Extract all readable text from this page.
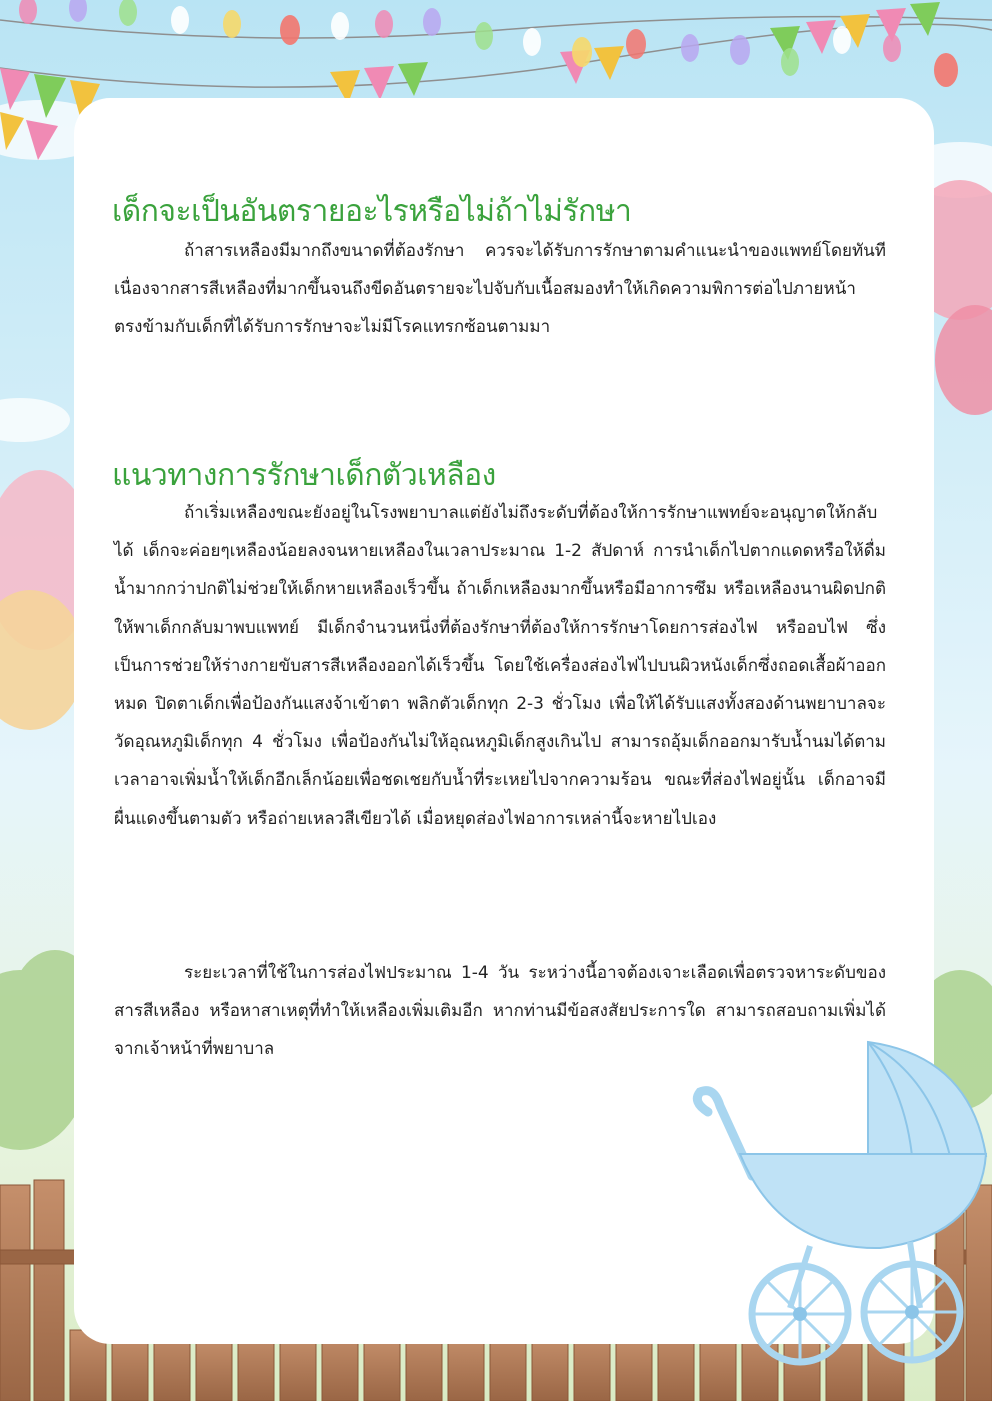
เด็กจะเป็นอันตรายอะไรหรือไม่ถ้าไม่รักษา

ถ้าสารเหลืองมีมากถึงขนาดที่ต้องรักษา ควรจะได้รับการรักษาตามคำแนะนำของแพทย์โดยทันที เนื่องจากสารสีเหลืองที่มากขึ้นจนถึงขีดอันตรายจะไปจับกับเนื้อสมองทำให้เกิดความพิการต่อไปภายหน้า ตรงข้ามกับเด็กที่ได้รับการรักษาจะไม่มีโรคแทรกซ้อนตามมา

แนวทางการรักษาเด็กตัวเหลือง

ถ้าเริ่มเหลืองขณะยังอยู่ในโรงพยาบาลแต่ยังไม่ถึงระดับที่ต้องให้การรักษาแพทย์จะอนุญาตให้กลับได้ เด็กจะค่อยๆเหลืองน้อยลงจนหายเหลืองในเวลาประมาณ 1-2 สัปดาห์ การนำเด็กไปตากแดดหรือให้ดื่มน้ำมากกว่าปกติไม่ช่วยให้เด็กหายเหลืองเร็วขึ้น ถ้าเด็กเหลืองมากขึ้นหรือมีอาการซึม หรือเหลืองนานผิดปกติให้พาเด็กกลับมาพบแพทย์ มีเด็กจำนวนหนึ่งที่ต้องรักษาที่ต้องให้การรักษาโดยการส่องไฟ หรืออบไฟ ซึ่งเป็นการช่วยให้ร่างกายขับสารสีเหลืองออกได้เร็วขึ้น โดยใช้เครื่องส่องไฟไปบนผิวหนังเด็กซึ่งถอดเสื้อผ้าออกหมด ปิดตาเด็กเพื่อป้องกันแสงจ้าเข้าตา พลิกตัวเด็กทุก 2-3 ชั่วโมง เพื่อให้ได้รับแสงทั้งสองด้านพยาบาลจะวัดอุณหภูมิเด็กทุก 4 ชั่วโมง เพื่อป้องกันไม่ให้อุณหภูมิเด็กสูงเกินไป สามารถอุ้มเด็กออกมารับน้ำนมได้ตามเวลาอาจเพิ่มน้ำให้เด็กอีกเล็กน้อยเพื่อชดเชยกับน้ำที่ระเหยไปจากความร้อน ขณะที่ส่องไฟอยู่นั้น เด็กอาจมีผื่นแดงขึ้นตามตัว หรือถ่ายเหลวสีเขียวได้ เมื่อหยุดส่องไฟอาการเหล่านี้จะหายไปเอง

ระยะเวลาที่ใช้ในการส่องไฟประมาณ 1-4 วัน ระหว่างนี้อาจต้องเจาะเลือดเพื่อตรวจหาระดับของสารสีเหลือง หรือหาสาเหตุที่ทำให้เหลืองเพิ่มเติมอีก หากท่านมีข้อสงสัยประการใด สามารถสอบถามเพิ่มได้จากเจ้าหน้าที่พยาบาล
